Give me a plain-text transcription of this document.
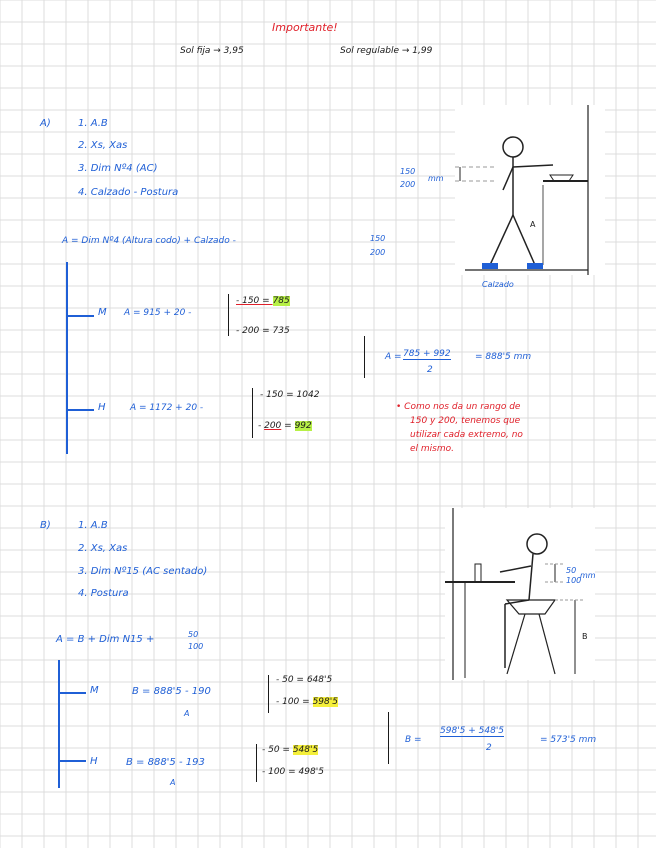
Importante!
Sol fija → 3,95	Sol regulable → 1,99
A)	1. A.B
2. Xs, Xas
3. Dim Nº4 (AC)
4. Calzado - Postura
150
200
mm
A = Dim Nº4 (Altura codo) + Calzado -	150
200
M A = 915 + 20 -
- 150 = 785
- 200 = 735
H	A = 1172 + 20 -
- 150 = 1042
- 200 = 992
A = 785 + 992
2
= 888'5 mm
• Como nos da un rango de
150 y 200, tenemos que
utilizar cada extremo, no
el mismo.
A
Calzado
B)	1. A.B
2. Xs, Xas
3. Dim Nº15 (AC sentado)
4. Postura
A = B + Dim N15 +	50
100
M	B = 888'5 - 190
A
- 50 = 648'5
- 100 = 598'5
H	B = 888'5 - 193
A
- 50 = 548'5
- 100 = 498'5
B =
598'5 + 548'5
2
= 573'5 mm
B
50
100
mm
